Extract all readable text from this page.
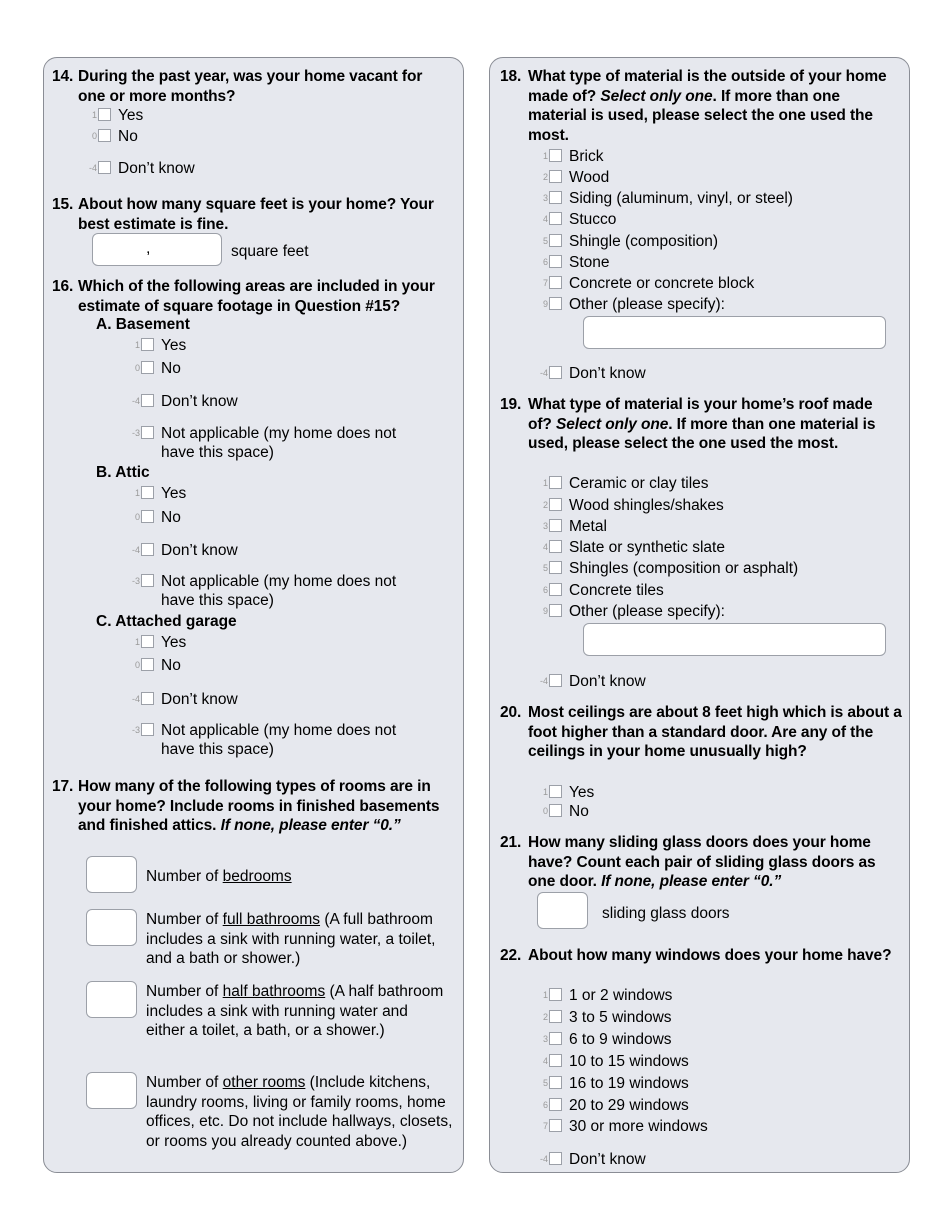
14. During the past year, was your home vacant for one or more months?
1 Yes
0 No
-4 Don’t know
15. About how many square feet is your home? Your best estimate is fine.
,	square feet
16. Which of the following areas are included in your estimate of square footage in Question #15?
A. Basement
1 Yes
0 No
-4 Don’t know
-3 Not applicable (my home does not have this space)
B. Attic
1 Yes
0 No
-4 Don’t know
-3 Not applicable (my home does not have this space)
C. Attached garage
1 Yes
0 No
-4 Don’t know
-3 Not applicable (my home does not have this space)
17. How many of the following types of rooms are in your home? Include rooms in finished basements and finished attics. If none, please enter “0.”
Number of bedrooms
Number of full bathrooms (A full bathroom includes a sink with running water, a toilet, and a bath or shower.)
Number of half bathrooms (A half bathroom includes a sink with running water and either a toilet, a bath, or a shower.)
Number of other rooms (Include kitchens, laundry rooms, living or family rooms, home offices, etc. Do not include hallways, closets, or rooms you already counted above.)
18. What type of material is the outside of your home made of? Select only one. If more than one material is used, please select the one used the most.
1 Brick
2 Wood
3 Siding (aluminum, vinyl, or steel)
4 Stucco
5 Shingle (composition)
6 Stone
7 Concrete or concrete block
9 Other (please specify):
-4 Don’t know
19. What type of material is your home’s roof made of? Select only one. If more than one material is used, please select the one used the most.
1 Ceramic or clay tiles
2 Wood shingles/shakes
3 Metal
4 Slate or synthetic slate
5 Shingles (composition or asphalt)
6 Concrete tiles
9 Other (please specify):
-4 Don’t know
20. Most ceilings are about 8 feet high which is about a foot higher than a standard door. Are any of the ceilings in your home unusually high?
1 Yes
0 No
21. How many sliding glass doors does your home have? Count each pair of sliding glass doors as one door. If none, please enter “0.”
sliding glass doors
22. About how many windows does your home have?
1 1 or 2 windows
2 3 to 5 windows
3 6 to 9 windows
4 10 to 15 windows
5 16 to 19 windows
6 20 to 29 windows
7 30 or more windows
-4 Don’t know
